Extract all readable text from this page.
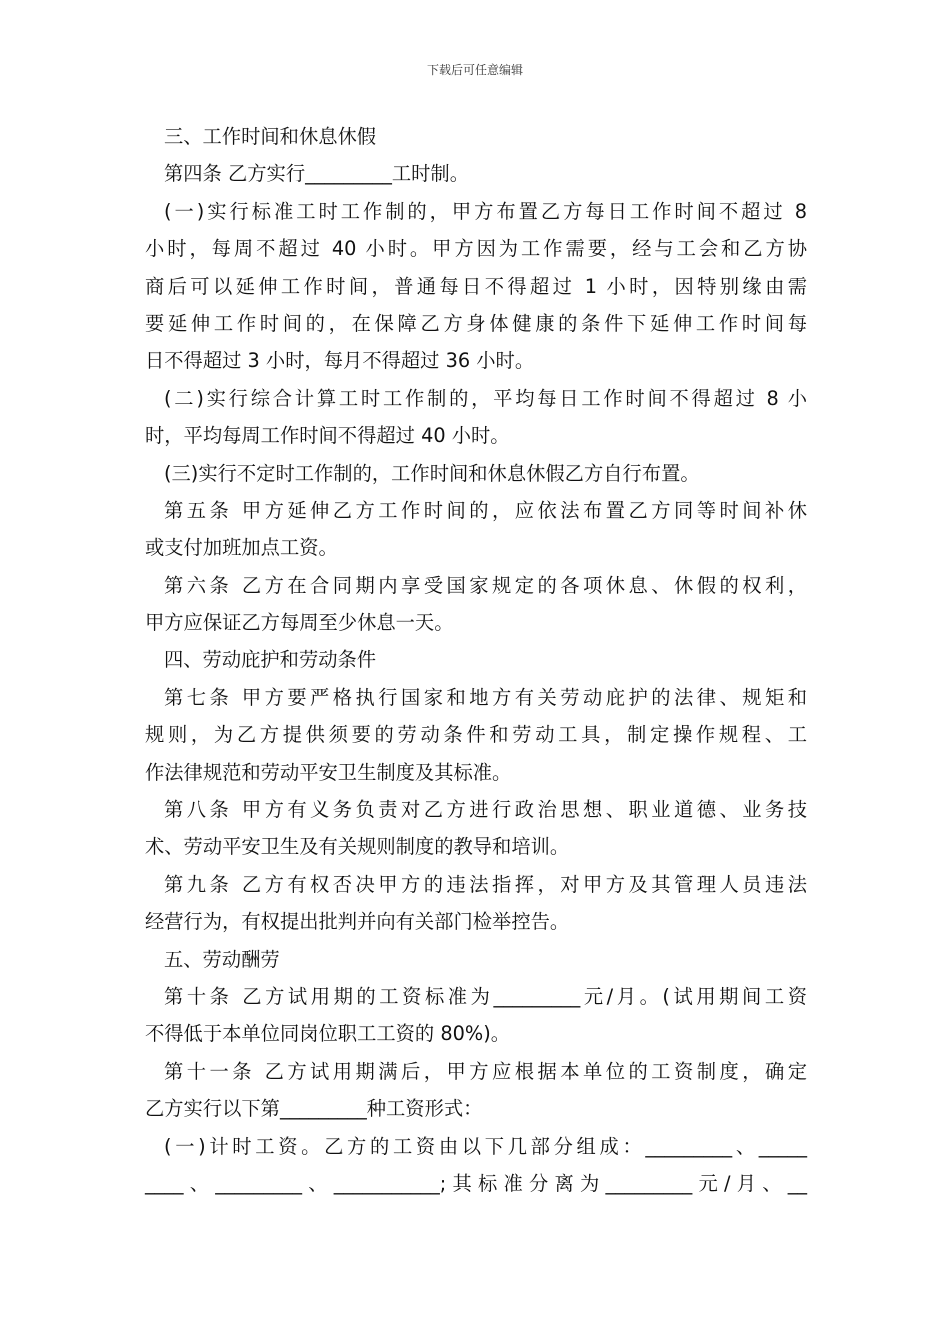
下载后可任意编辑
三、工作时间和休息休假
第四条 乙方实行_________工时制。
(一)实行标准工时工作制的，甲方布置乙方每日工作时间不超过 8
小时，每周不超过 40 小时。甲方因为工作需要，经与工会和乙方协
商后可以延伸工作时间，普通每日不得超过 1 小时，因特别缘由需
要延伸工作时间的，在保障乙方身体健康的条件下延伸工作时间每
日不得超过 3 小时，每月不得超过 36 小时。
(二)实行综合计算工时工作制的，平均每日工作时间不得超过 8 小
时，平均每周工作时间不得超过 40 小时。
(三)实行不定时工作制的，工作时间和休息休假乙方自行布置。
第五条 甲方延伸乙方工作时间的，应依法布置乙方同等时间补休
或支付加班加点工资。
第六条 乙方在合同期内享受国家规定的各项休息、休假的权利，
甲方应保证乙方每周至少休息一天。
四、劳动庇护和劳动条件
第七条 甲方要严格执行国家和地方有关劳动庇护的法律、规矩和
规则，为乙方提供须要的劳动条件和劳动工具，制定操作规程、工
作法律规范和劳动平安卫生制度及其标准。
第八条 甲方有义务负责对乙方进行政治思想、职业道德、业务技
术、劳动平安卫生及有关规则制度的教导和培训。
第九条 乙方有权否决甲方的违法指挥，对甲方及其管理人员违法
经营行为，有权提出批判并向有关部门检举控告。
五、劳动酬劳
第十条 乙方试用期的工资标准为_________元/月。(试用期间工资
不得低于本单位同岗位职工工资的 80%)。
第十一条 乙方试用期满后，甲方应根据本单位的工资制度，确定
乙方实行以下第_________种工资形式：
(一)计时工资。乙方的工资由以下几部分组成：_________、_____
____、_________、___________;其标准分离为_________元/月、__
